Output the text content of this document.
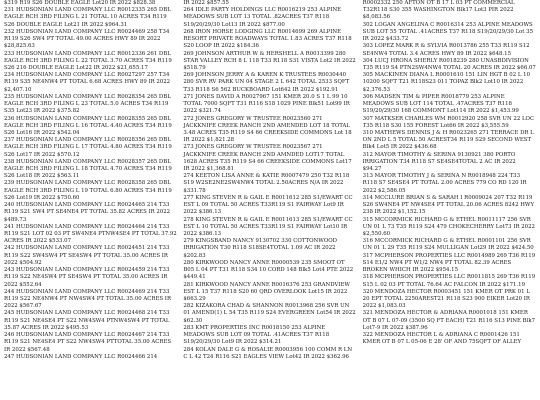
$319 R19 S26 DOUBLE EAGLE Lot20 IR 2022 $828.38

231 HUDSONIAN LAND COMPANY LLC R0012335 265 DBL EAGLE RCH 3RD FILING L 21 TOTAL 10 ACRES T34 R119 S26 DOUBLE EAGLE Lot21 IR 2022 $964.31

232 HUDSONIAN LAND COMPANY LLC R0024469 258 T34 R119 S26 SW4 PT TOTAL 49.00 ACRES HWY 89 IR 2022 $28,825.63

233 HUDSONIAN LAND COMPANY LLC R0012336 261 DBL EAGLE RCH 3RD FILING L 22 TOTAL 3.70 ACRES T34 R119 S26 216 DOUBLE EAGLE Lot22 IR 2022 $21,655.17

234 HUDSONIAN LAND COMPANY LLC R0027297 257 T34 R119 S35 NE4NW4 PT TOTAL 6.68 ACRES HWY 89 IR 2022 $2,407.10

235 HUDSONIAN LAND COMPANY LLC R0028354 265 DBL EAGLE RCH 3RD FILING L 23 TOTAL 5.0 ACRES T34 R119 S35 Lot23 IR 2022 $375.82

236 HUDSONIAN LAND COMPANY LLC R0028355 265 DBL EAGLE RCH 3RD FILING L 16 TOTAL 4.40 ACRES T34 R119 S26 Lot16 IR 2022 $542.04

237 HUDSONIAN LAND COMPANY LLC R0028356 265 DBL EAGLE RCH 3RD FILING L 17 TOTAL 4.80 ACRES T34 R119 S26 Lot17 IR 2022 $570.12

238 HUDSONIAN LAND COMPANY LLC R0028357 265 DBL EAGLE RCH 3RD FILING L 18 TOTAL 4.70 ACRES T34 R119 S26 Lot18 IR 2022 $563.11

239 HUDSONIAN LAND COMPANY LLC R0028358 265 DBL EAGLE RCH 3RD FILING L 19 TOTAL 6.80 ACRES T34 R119 S26 Lot19 IR 2022 $750.60

240 HUDSONIAN LAND COMPANY LLC R0024465 214 T33 R119 S21 SW4 PT SE4NE4 PT TOTAL 35.82 ACRES IR 2022 $489.73

241 HUDSONIAN LAND COMPANY LLC R0024464 214 T33 R119 S21 LOT 02 03 PT SW4NE4 PTNW4SE4 PT TOTAL 37.92 ACRES IR 2022 $533.07

242 HUDSONIAN LAND COMPANY LLC R0024451 214 T33 R119 S22 SW4SW4 PT SE4SW4 PT TOTAL 35.00 ACRES IR 2022 $504.92

243 HUDSONIAN LAND COMPANY LLC R0024459 214 T33 R119 S22 NE4SW4 PT SE4SW4 PT TOTAL 35.00 ACRES IR 2022 $552.64

244 HUDSONIAN LAND COMPANY LLC R0024469 214 T33 R119 S22 NE4NW4 PT NW4SW4 PT TOTAL 35.00 ACRES IR 2022 $567.67

245 HUDSONIAN LAND COMPANY LLC R0024468 214 T33 R119 S21 NE4SE4 PT S22 NW4SW4 PTNW4SW4 PT TOTAL 35.87 ACRES IR 2022 $495.53

246 HUDSONIAN LAND COMPANY LLC R0024467 214 T33 R119 S21 NE4SE4 PT S22 NW4SW4 PTTOTAL 35.00 ACRES IR 2022 $567.48

247 HUDSONIAN LAND COMPANY LLC R0024466 214

IR 2022 $857.55

264 IDLE PARTY HOLDINGS LLC R0016219 253 ALPINE MEADOWS SUB LOT 13 TOTAL .82ACRES T37 R118 S19/20/29/30 Lot13 IR 2022 $877.00

268 IRON HORSE LODGING LLC R0014699 269 ALPINE RESORT PRIVATE ROADWAYS TOTAL 1.83 ACRES T37 R118 S20 LOOP IR 2022 $184.36

269 JOHNSON ARTHUR W & HERSHELL A R0013399 280 STAR VALLEY RCH 8 L 118 T33 R118 S31 VISTA Lot2 IR 2022 $518.79

269 JOHNSON JERRY A & KAREN K TRUSTEES R0030440 280 SVR RV PARK UN 04 STAGE 2 L 642 TOTAL 2533 SQFT T33 R118 S6 562 BUCKBOARD Lot642 IR 2022 $192.91

271 JONES DAVID A R0027967 151 KMER 20.0 S 1 L 99 10 TOTAL 7000 SQFT T31 R116 S18 1029 PINE Blk51 Lot99 IR 2022 $321.74

272 JONES GREGORY W TRUSTEE R0023560 271 JACKKNIFE CREEK RANCH 2ND AMENDED LOT 18 TOTAL 3.48 ACRES T35 R119 S4 66 CREEKSIDE COMMONS Lot 18 IR 2022 $1,821.28

273 JONES GREGORY W TRUSTEE R0023567 271 JACKKNIFE CREEK RANCH 2ND AMNDED LOT17 TOTAL 1628 ACRES T35 R119 S4 66 CREEKSIDE COMMONS Lot17 IR 2022 $1,368.81

274 KEETON LISA ANNE & KATIE R0007479 250 T32 R118 S19 W2SE2NE2SW4NW4 TOTAL 2.50ACRES N/A IR 2022 $331.78

277 KING STEVEN R & GAIL E R0011612 285 S1/EWART CC EST L 09 TOTAL 50 ACRES T33R119 S1 FAIRWAY Lot9 IR 2022 $386.13

278 KING STEVEN R & GAIL E R0011613 285 S1/EWART CC EST L 10 TOTAL 50 ACRES T33R119 S1 FAIRWAY Lot10 IR 2022 $386.13

279 KINGSBAND NANCY 9130702 330 COTTONWOOD IRRIGATION T30 R118 S18SE4TOTAL 1.09 AC IR 2022 $202.83

280 KIRKWOOD NANCY ANNE R0000539 235 SMOOT OT B05 L 04 PT T31 R118 S34 10 CORD 148 Blk5 Lot4 PTE 2022 $449.41

281 KIRKWOOD NANCY ANNE R0016376 253 GRANDVIEW EST L 15 T37 R118 S20 60 QRD OVERLOOK Lot15 IR 2022 $663.29

282 KIZAKORA CHAD & SHANNON R0013968 256 SVR UN 01 AMEND(1) L 54 T35 R119 S24 EVERGREEN Lot54 IR 2022 $62.30

283 KMT PROPERTIES INC R0018150 253 ALPINE MEADOWS SUB LOT 09 TOTAL .41ACRES T37 R118 S19/20/29/30 Lot9 IR 2022 $314.21

284 KOLAN DALE G & ROSALIE R0003956 100 COMM R LN C L 42 T24 R116 S21 EAGLES VIEW Lot42 IR 2022 $362.96

R0002332 250 AFTON OT B 17 L 03 PT COMMERCIAL T32R118 S30 355 WASHINGTON Blk17 Lot3 PIR 2022 $8,083.56

302 LOGAN ANGELINA C R0016314 253 ALPINE MEADOWS SUB LOT 55 TOTAL .41ACRES T37 R118 S19/20/29/30 Lot 35 IR 2022 $433.72

303 LOPEZ MARK R & SYLVIA R0013786 255 T33 R119 S12 SE4NW4 TOTAL 3.4 ACRES HWY 89 IR 2022 $648.15

304 LUCJ HRONA SHERLY R0018239 280 UNASBDIVISION T35 R119 S4 PTN2SW4NW4 TOTAL 20 ACRES IR 2022 $66.07

305 MACKINEN DIANA L R0001610 151 LIN HGT B 02 L 10 10200 SQFT T21 R118S23 011 TOPAZ Blk2 Lot10 IR 2022 $2,376.53

306 MADSEN TIM & PIPER R0018779 253 ALPINE MEADOWS SUB LOT 114 TOTAL .47ACRES T37 R118 S19/20/29/30 168 COMMONT Lot114 IR 2022 $1,453.99

307 MATKSER CHARLES WM R0012920 258 SVR UN 22 LOC T35 R118 S30 155 FOREST Lot66 IR 2022 $3,555.59

310 MATHEWS DENNIS J & H R0023265 271 TERRACE DR L ON 2ND L 5 TOTAL 50 ACREST34 R119 S29 SECOND WEST Blk4 Lot5 IR 2022 $436.68

312 MAYOR TIMOTHY & SERINA 9130921 380 PORTO IRRIGATION T34 R118 S7 SE4SE4TOTAL 2 AC IR 2022 $94.27

313 MAYOR TIMOTHY J & SERINA N R0018948 224 T33 R118 S7 SE4SE4 PT TOTAL 2.00 ACRES 779 CO RD 120 IR 2022 $2,586.05

314 MCCLURE BRIAN S & SARAH I R0009024 207 T32 R119 S26 SW4NE4 PT NW4SE4 PT TOTAL 20.06 ACRES 8242 HWY 238 IR 2022 $1,152.15

315 MCCORMICK RICHARD G & ETHEL R0011117 256 SVR UN 01 L 73 T35 R119 S24 479 CHOKECHERRY Lot73 IR 2022 $2,550.60

316 MCCORMICK RICHARD G & ETHEL R0001101 256 SVR UN 01 L 29 T35 R119 S24 MULLIGAN Lot29 IR 2022 $424.50

317 MCPHERSON PROPERTIES LLC R0014989 269 T36 R119 S14 E1/2 NW4 PT W1/2 NW4 PT TOTAL 82.39 ACRES BROKEN WHICH IR 2022 $954.15

318 MCPHERSON PROPERTIES LLC R0011815 269 T36 R119 S15 L 02 03 PT TOTAL 76.64 AC FALCON IR 2022 $171.19

320 MENDOZA HECTOR R0003451 151 KMER OT PRK 01 L 20 EPT TOTAL 2250AREST21 R118 S23 900 EIKER Lot20 IR 2022 $1,083.03

321 MENDOZA HECTOR & ADRIANA R0001018 151 KMER OT B 07 L 07-09 (3500 SQ FT EACH) T21 R116 S13 PINE Blk7 Lot7-9 IR 2022 $387.96

322 MENDOZA HECTOR L & ADRIANA C R0001426 151 KMER OT B 07 L 05-06 E 28' OF AND 75SQFT OF ALLEY
